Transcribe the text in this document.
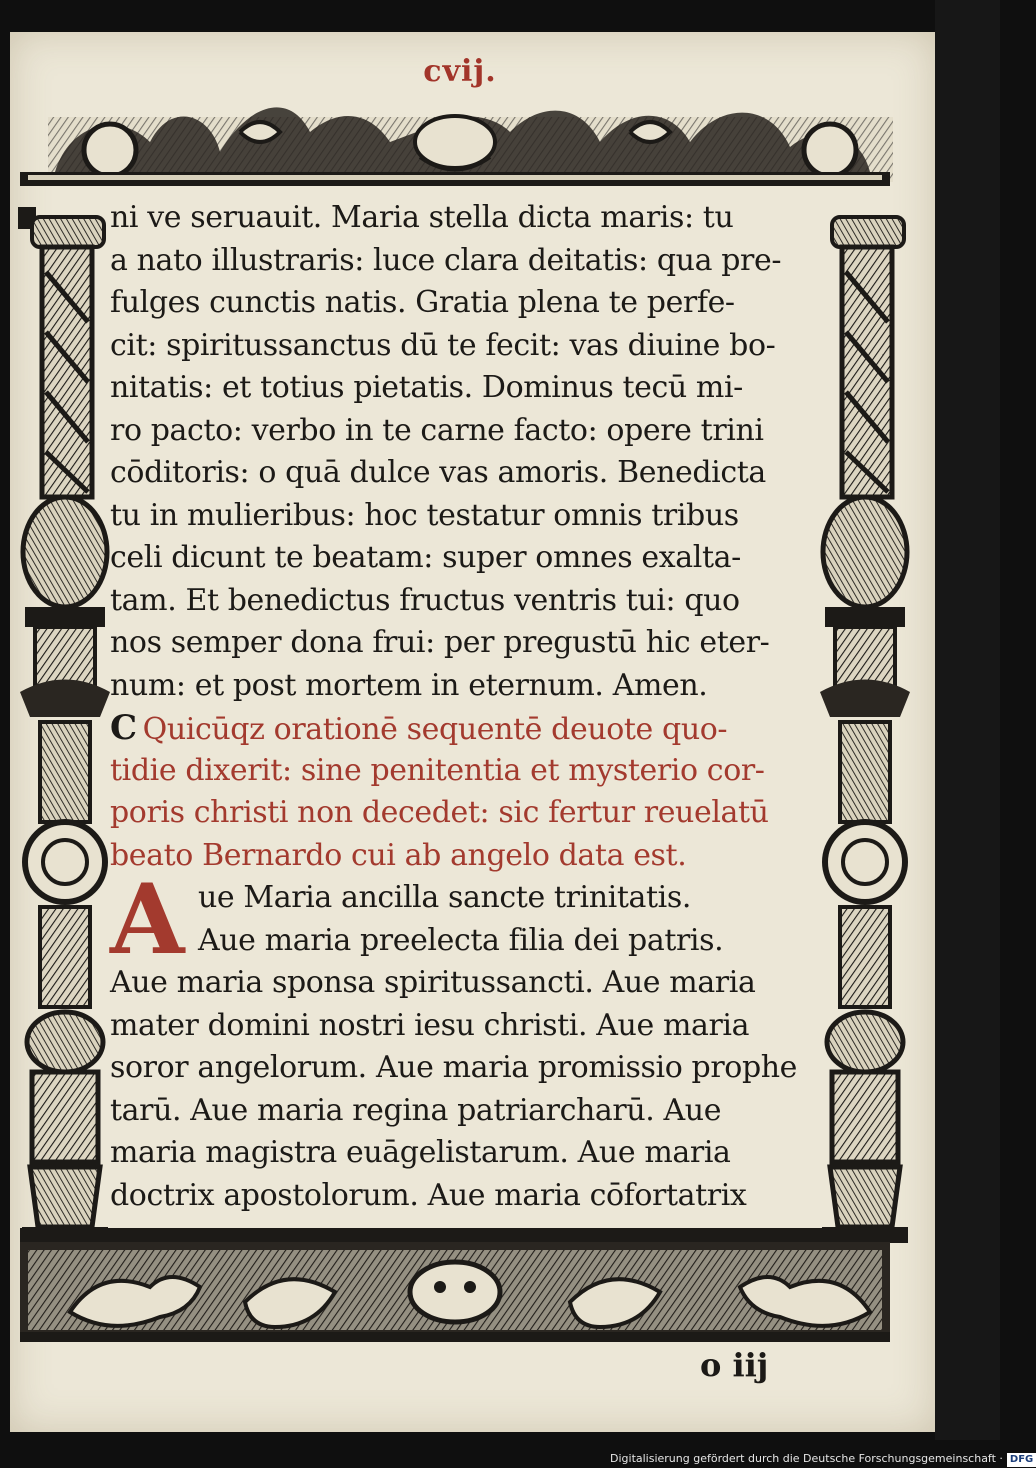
cvij.
ni ve seruauit. Maria stella dicta maris: tu
a nato illustraris: luce clara deitatis: qua pre-
fulges cunctis natis. Gratia plena te perfe-
cit: spiritussanctus dū te fecit: vas diuine bo-
nitatis: et totius pietatis. Dominus tecū mi-
ro pacto: verbo in te carne facto: opere trini
cōditoris: o quā dulce vas amoris. Benedicta
tu in mulieribus: hoc testatur omnis tribus
celi dicunt te beatam: super omnes exalta-
tam. Et benedictus fructus ventris tui: quo
nos semper dona frui: per pregustū hic eter-
num: et post mortem in eternum. Amen.
C Quicūqz orationē sequentē deuote quo-
tidie dixerit: sine penitentia et mysterio cor-
poris christi non decedet: sic fertur reuelatū
beato Bernardo cui ab angelo data est.
A ue Maria ancilla sancte trinitatis.
Aue maria preelecta filia dei patris.
Aue maria sponsa spiritussancti. Aue maria
mater domini nostri iesu christi. Aue maria
soror angelorum. Aue maria promissio prophe
tarū. Aue maria regina patriarcharū. Aue
maria magistra euāgelistarum. Aue maria
doctrix apostolorum. Aue maria cōfortatrix
o iij
Digitalisierung gefördert durch die Deutsche Forschungsgemeinschaft · DFG
